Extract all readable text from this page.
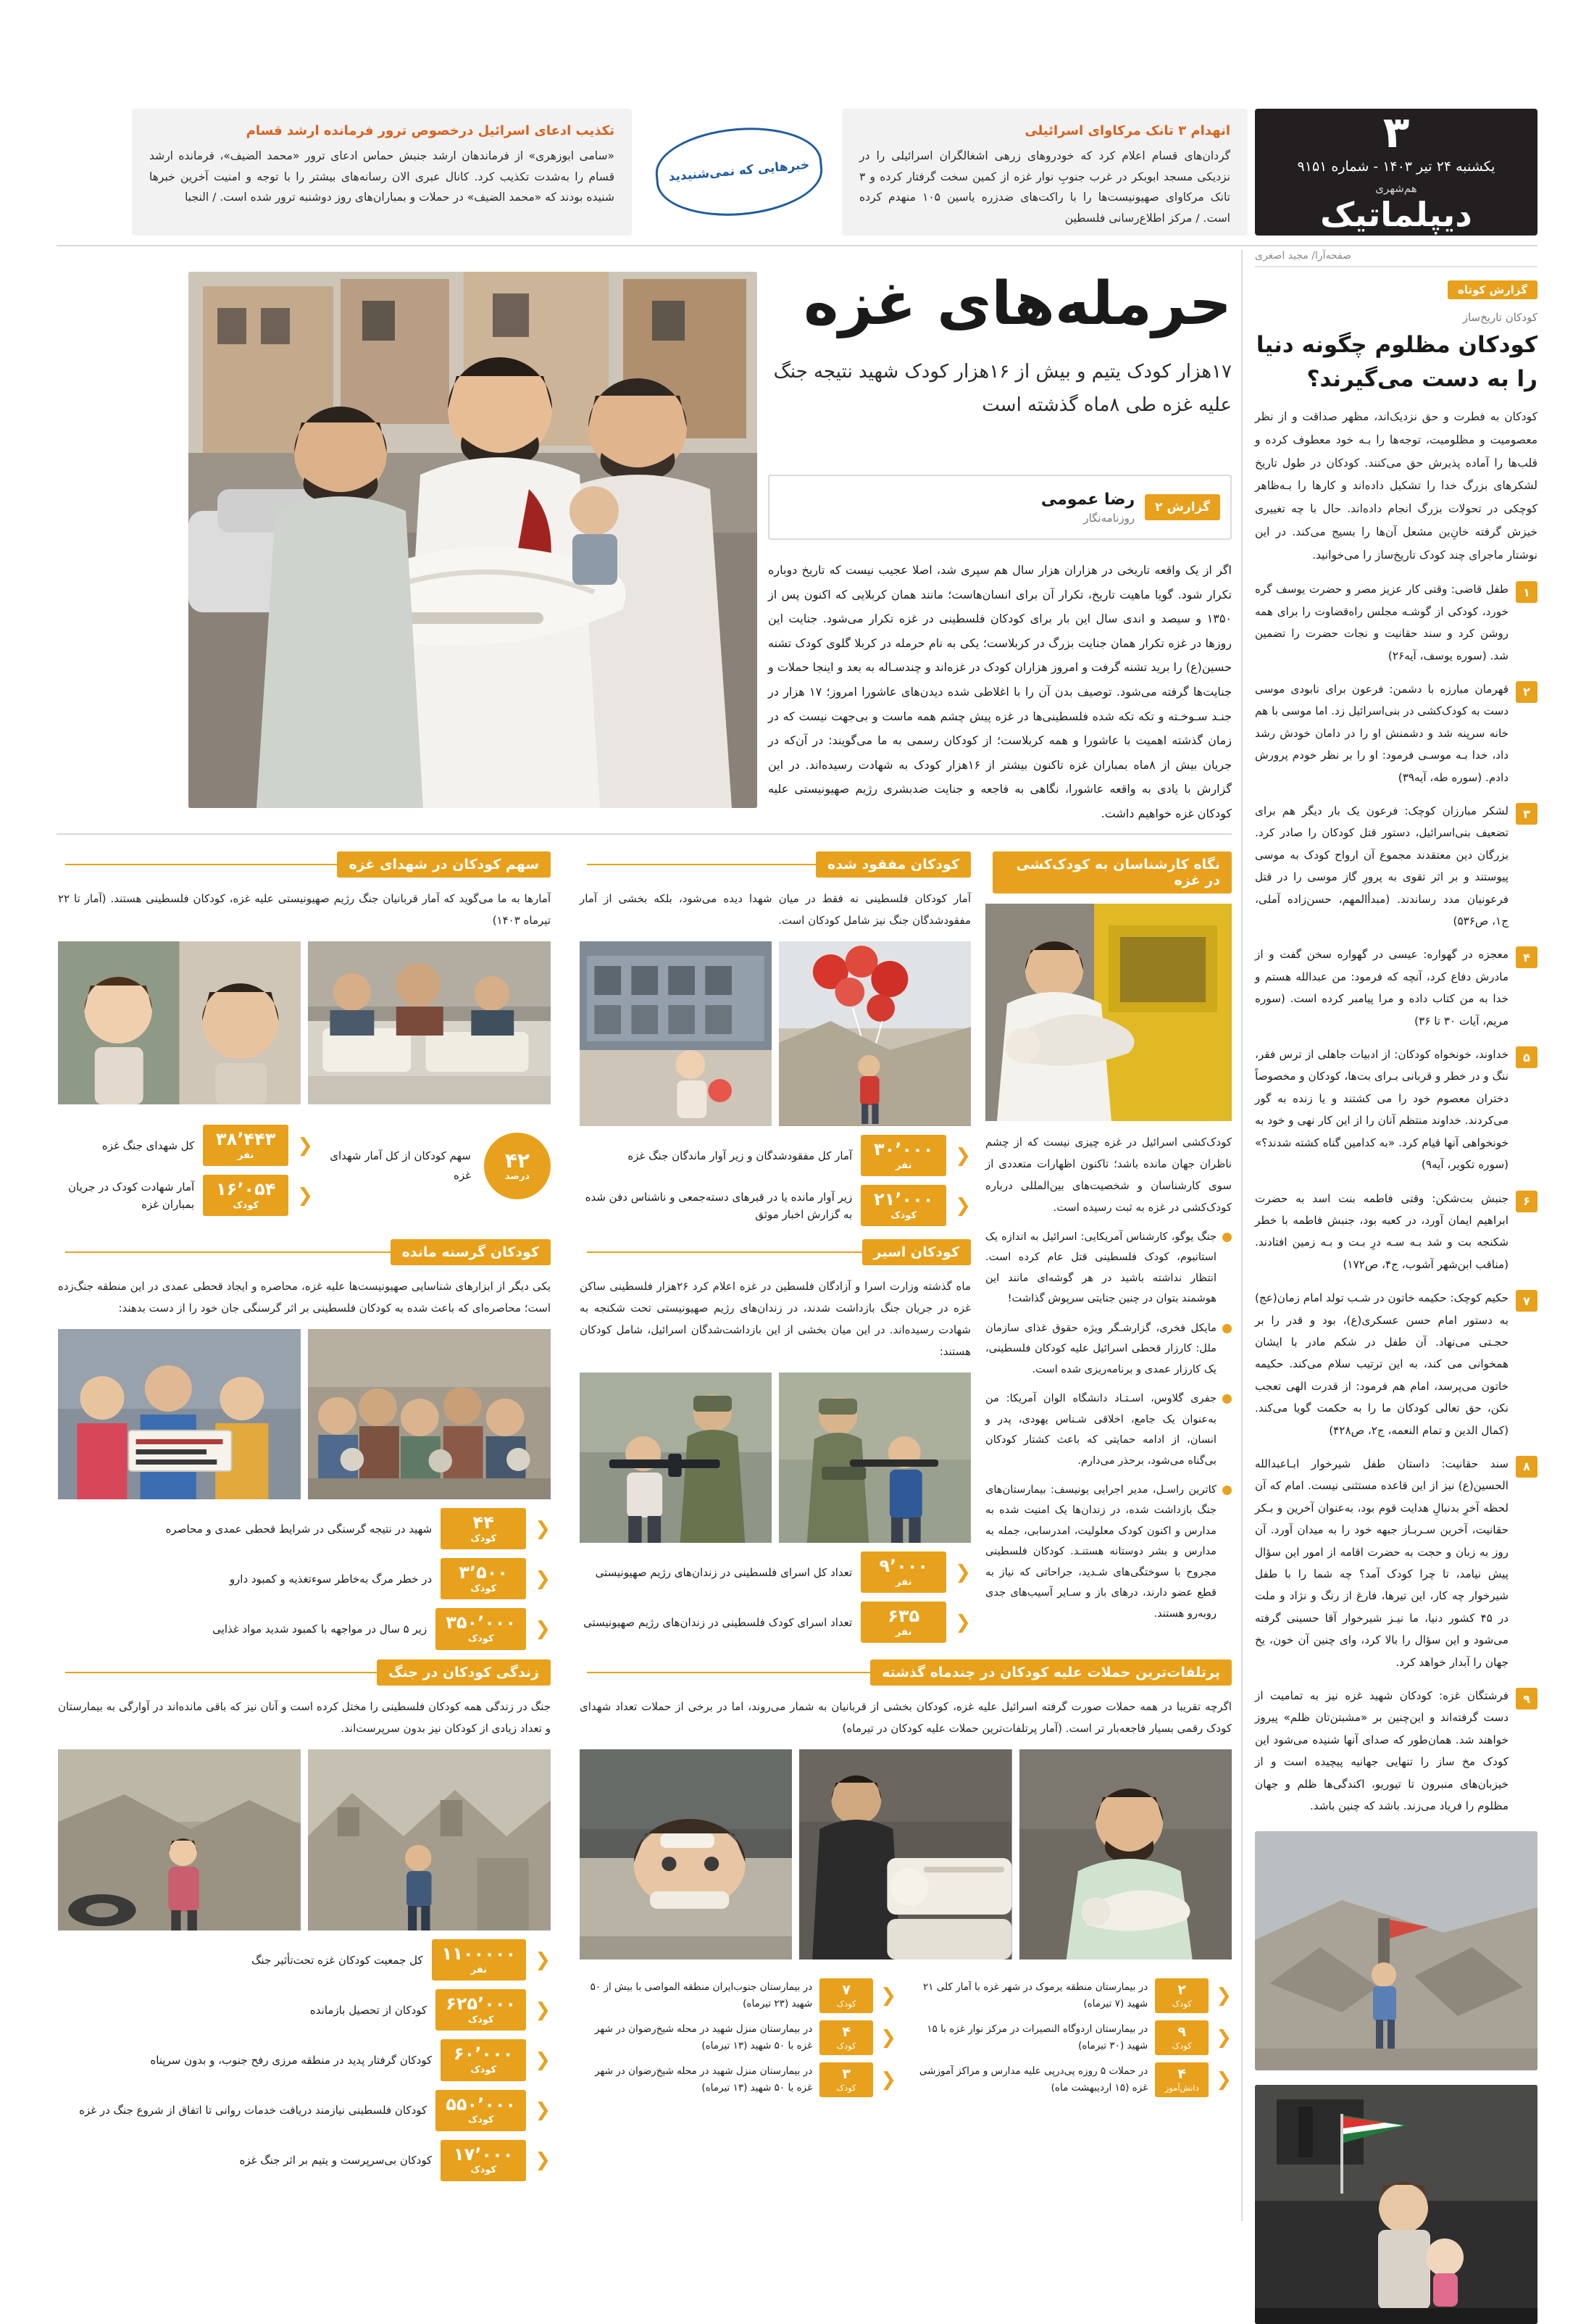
۳
یکشنبه ۲۴ تیر ۱۴۰۳ - شماره ۹۱۵۱
هم‌شهری
دیپلماتیک
انهدام ۳ تانک مرکاوای اسرائیلی
گردان‌های قسام اعلام کرد که خودروهای زرهی اشغالگران اسرائیلی را در نزدیکی مسجد ابوبکر در غرب جنوبِ نوار غزه از کمین سخت گرفتار کرده و ۳ تانک مرکاوای صهیونیست‌ها را با راکت‌های ضدزره یاسین ۱۰۵ منهدم کرده است. / مرکز اطلاع‌رسانی فلسطین
خبرهایی که نمی‌شنیدید
تکذیب ادعای اسرائیل درخصوص ترور فرمانده ارشد قسام
«سامی ابوزهری» از فرماندهان ارشد جنبش حماس ادعای ترور «محمد الضیف»، فرمانده ارشد قسام را به‌شدت تکذیب کرد. کانال عبری الان رسانه‌های بیشتر را با توجه و امنیت آخرین خبرها شنیده بودند که «محمد الضیف» در حملات و بمباران‌های روز دوشنبه ترور شده است. / النجبا
صفحه‌آرا/ مجید اصغری
گزارش کوتاه
کودکان تاریخ‌ساز
کودکان مظلوم چگونه دنیا را به دست می‌گیرند؟
کودکان به فطرت و حق نزدیک‌اند، مظهر صداقت و از نظر معصومیت و مظلومیت، توجه‌ها را بـه خود معطوف کرده و قلب‌ها را آماده پذیرش حق می‌کنند. کودکان در طول تاریخ لشکرهای بزرگ خدا را تشکیل داده‌اند و کارها را بـه‌ظاهر کوچکی در تحولات بزرگ انجام داده‌اند. حال با چه تغییری خیزش گرفته خانِ‌ین مشعل آن‌ها را بسیج می‌کند. در این نوشتار ماجرای چند کودک تاریخ‌ساز را می‌خوانید.
۱
طفل قاضی: وقتی کار عزیز مصر و حضرت یوسف گره خورد، کودکی از گوشـه مجلس راه‌قضاوت را برای همه‌ روشن کرد و سند حقانیت و نجات حضرت را تضمین شد. (سوره یوسف، آیه۲۶)
۲
قهرمان مبارزه با دشمن: فرعون برای نابودی موسی دست به کودک‌کشی در بنی‌اسرائیل زد. اما موسی با هم خانه سرپنه شد و دشمنش او را در دامان خودش رشد داد، خدا بـه موسـی فرمود: او را بر نظر خودم پرورش دادم. (سوره طه، آیه۳۹)
۳
لشکر مبارزان کوچک: فرعون یک بار دیگر هم برای تضعیف بنی‌اسرائیل، دستور قتل کودکان را صادر کرد. بزرگان دین معتقدند مجموع آن ارواح کودک به موسی پیوستند و بر اثر تقوی به پرورِ گاز موسی را در قتل فرعونیان مدد رساندند. (مبدأالمهم، حسن‌زاده آملی، ج۱، ص۵۳۶)
۴
معجزه در گهواره: عیسی در گهواره سخن گفت و از مادرش دفاع کرد، آنچه که فرمود: من عبدالله هستم و خدا به من کتاب داده و مرا پیامبر کرده است. (سوره مریم، آیات ۳۰ تا ۳۶)
۵
خداوند، خونخواه کودکان: از ادبیات جاهلی از ترس فقر، ننگ و در خطر و قربانی بـرای بت‌ها، کودکان و مخصوصاً دختران معصوم خود را می کشتند و یا زنده به گور می‌کردند. خداوند منتظم آنان را از این کار نهی و خود به خونخواهی آنها قیام کرد. «به کدامین گناه کشته شدند؟» (سوره تکویر، آیه۹)
۶
جنبش بت‌شکن: وقتی فاطمه بنت اسد به حضرت ابراهیم ایمان آورد، در کعبه بود، جنبش فاطمه با خطر شکنجه بت و شد بـه سـه‌ درِ بـت و بـه زمین افتادند. (مناقب ابن‌شهر آشوب، ج۴، ص۱۷۲)
۷
حکیم کوچک: حکیمه خاتون در شـب تولد امام زمان(عج) به دستور امام حسن عسکری(ع)، بود و قدر را بر حجـتی می‌نهاد. آن طفل در شکم مادر با ایشان همخوانی می کند، به این ترتیب سلام می‌کند. حکیمه خاتون می‌پرسد، امام هم فرمود: از قدرت الهی تعجب نکن، حق تعالی کودکان ما را به حکمت گویا می‌کند. (کمال الدین و تمام النعمه، ج۲، ص۴۲۸)
۸
سند حقانیت: داستان طفل شیرخوار ابـاعبدالله الحسین(ع) نیز از این قاعده مستثنی نیست. امام که آن لحظه آخرِ بدنبالِ هدایت قوم بود، به‌عنوان آخرین و بـکر حقانیت، آخرین سـربـاز جبهه خود را به میدان آورد. آن روز به زبان و حجت به حضرت اقامه از امور این سؤال پیش نیامد، تا چرا کودک آمد؟ چه شما را با طفل شیرخوار چه کار، این تیرها، فارغ از رنگ و نژاد و ملت در ۴۵ کشور دنیا، ما نیـز شیرخوار آقا حسینی گرفته می‌شود و این سؤال را بالا کرد، وای چنین آن خون، یخ جهان را آبدار خواهد کرد.
۹
فرشتگان غزه: کودکان شهید غزه نیز به تمامیت از دست گرفته‌اند و این‌چنین بر «مشبتن‌تان ظلم» پیروز خواهند شد. همان‌طور که صدای آنها شنیده می‌شود این کودک مخ ساز را تنهایی جهانیه پیچیده است و از خیزبان‌های منبرون تا تیوریو، اکندگی‌ها ظلم و جهان مظلوم را فریاد می‌زند. باشد که چنین باشد.
حرمله‌های غزه
۱۷هزار کودک یتیم و بیش از ۱۶هزار کودک شهید نتیجه جنگ علیه غزه طی ۸ماه گذشته است
گزارش ۲
رضا عمومی
روزنامه‌نگار
اگر از یک واقعه تاریخی در هزاران هزار سال هم سپری شد، اصلا عجیب نیست که تاریخ دوباره تکرار شود. گویا ماهیت تاریخ، تکرار آن برای انسان‌هاست؛ مانند همان کربلایی که اکنون پس از ۱۳۵۰ و سیصد و اندی سال این بار برای کودکان فلسطینی در غزه تکرار می‌شود. جنایت این روزها در غزه تکرار همان جنایت بزرگ در کربلاست؛ یکی به نام حرمله در کربلا گلوی کودک تشنه حسین(ع) را برید تشنه گرفت و امروز هزاران کودک در غزه‌اند و چندسـاله به بعد و اینجا حملات و جنایت‌ها گرفته می‌شود. توصیف بدن آن را با اغلاطی شده دیدن‌های عاشورا امروز؛ ۱۷ هزار در جنـد سـوخـته و تکه تکه شده فلسطینی‌ها در غزه پیش چشم همه ماست و بی‌جهت نیست که در زمان گذشته اهمیت با عاشورا و همه کربلاست؛ از کودکان رسمی به ما می‌گویند: در آن‌که در جریان بیش از ۸ماه بمباران غزه تاکنون بیشتر از ۱۶هزار کودک به شهادت رسیده‌اند. در این گزارش با یادی به واقعه عاشورا، نگاهی به فاجعه و جنایت ضدبشری رژیم صهیونیستی علیه کودکان غزه خواهیم داشت.
سهم کودکان در شهدای غزه
آمارها به ما می‌گوید که آمار قربانیان جنگ رژیم صهیونیستی علیه غزه، کودکان فلسطینی هستند. (آمار تا ۲۲ تیرماه ۱۴۰۳)
۴۲
درصد
سهم کودکان از کل آمار شهدای غزه
❮
۳۸٬۴۴۳
نفر
کل شهدای جنگ غزه
❮
۱۶٬۰۵۴
کودک
آمار شهادت کودک در جریان بمباران غزه
کودکان مفقود شده
آمار کودکان فلسطینی نه فقط در میان شهدا دیده می‌شود، بلکه بخشی از آمار مفقودشدگان جنگ نیز شامل کودکان است.
❮
۳۰٬۰۰۰
نفر
آمار کل مفقودشدگان و زیر آوار ماندگان جنگ غزه
❮
۲۱٬۰۰۰
کودک
زیر آوار مانده یا در قبرهای دسته‌جمعی و ناشناس دفن شده به گزارش اخبار موثق
نگاه کارشناسان به کودک‌کشی در غزه
کودک‌کشی اسرائیل در غزه چیزی نیست که از چشم ناظران جهان مانده باشد؛ تاکنون اظهارات متعددی از سوی کارشناسان و شخصیت‌های بین‌المللی درباره کودک‌کشی در غزه به ثبت رسیده است.
جنگ یوگو، کارشناس آمریکایی: اسرائیل به اندازه یک استانبوم، کودک فلسطینی قتل عام کرده است. انتظار نداشته باشید در هر گوشه‌ای مانند این هوشمند بتوان در چنین جنایتی سرپوش گذاشت!
مایکل فخری، گزارشـگر ویژه حقوق غذای سازمان ملل: کارزار قحطی اسرائیل علیه کودکان فلسطینی، یک کارزار عمدی و برنامه‌ریزی شده است.
جفری گلاوس، اسـتـاد دانشگاه الوان آمریکا: من به‌عنوان یک جامع، اخلاقی شـناس یهودی، پدر و انسان، از ادامه حمایتی که باعث کشتار کودکان بی‌گناه می‌شود، برحذر می‌دارم.
کاترین راسـل، مدیر اجرایی یونیسف: بیمارستان‌های جنگ بازداشت شده، در زندان‌ها یک امنیت شده به مدارس و اکنون کودک معلولیت، امدرسابی، جمله به مدارس و بشر دوستانه هستنـد. کودکان فلسطینی مجروح با سوختگی‌های شـدید، جراحاتی که نیاز به قطع عضو دارند، درهای باز و سـایر آسیب‌های جدی روبه‌رو هستند.
کودکان گرسنه مانده
یکی دیگر از ابزارهای شناسایی صهیونیست‌ها علیه غزه، محاصره و ایجاد قحطی عمدی در این منطقه جنگ‌زده است؛ محاصره‌ای که باعث شده به کودکان فلسطینی بر اثر گرسنگی جان خود را از دست بدهند:
❮
۴۴
کودک
شهید در نتیجه گرسنگی در شرایط قحطی عمدی و محاصره
❮
۳٬۵۰۰
کودک
در خطر مرگ به‌خاطر سوءتغذیه و کمبود دارو
❮
۳۵۰٬۰۰۰
کودک
زیر ۵ سال در مواجهه با کمبود شدید مواد غذایی
کودکان اسیر
ماه گذشته وزارت اسرا و آزادگان فلسطین در غزه اعلام کرد ۲۶هزار فلسطینی ساکن غزه در جریان جنگ بازداشت شدند، در زندان‌های رژیم صهیونیستی تحت شکنجه به شهادت رسیده‌اند. در این میان بخشی از این بازداشت‌شدگان اسرائیل، شامل کودکان هستند:
❮
۹٬۰۰۰
نفر
تعداد کل اسرای فلسطینی در زندان‌های رژیم صهیونیستی
❮
۶۳۵
نفر
تعداد اسرای کودک فلسطینی در زندان‌های رژیم صهیونیستی
زندگی کودکان در جنگ
جنگ در زندگی همه کودکان فلسطینی را مختل کرده است و آنان نیز که باقی مانده‌اند در آوارگی به بیمارستان و تعداد زیادی از کودکان نیز بدون سرپرست‌اند.
❮
۱۱۰۰۰۰۰
نفر
کل جمعیت کودکان غزه تحت‌تأثیر جنگ
❮
۶۲۵٬۰۰۰
کودک
کودکان از تحصیل بازمانده
❮
۶۰٬۰۰۰
کودک
کودکان گرفتار پدید در منطقه مرزی رفح جنوب، و بدون سرپناه
❮
۵۵۰٬۰۰۰
کودک
کودکان فلسطینی نیازمند دریافت خدمات روانی تا اتفاق از شروع جنگ در غزه
❮
۱۷٬۰۰۰
کودک
کودکان بی‌سرپرست و یتیم بر اثر جنگ غزه
پرتلفات‌ترین حملات علیه کودکان در چندماه گذشته
اگرچه تقریبا در همه حملات صورت گرفته اسرائیل علیه غزه، کودکان بخشی از قربانیان به شمار می‌روند، اما در برخی از حملات تعداد شهدای کودک رقمی بسیار فاجعه‌بار تر است. (آمار پرتلفات‌ترین حملات علیه کودکان در تیرماه)
❮
۲
کودک
در بیمارستان منطقه یرموک در شهر غزه با آمار کلی ۲۱ شهید (۷ تیرماه)
❮
۹
کودک
در بیمارستان اردوگاه النصیرات در مرکز نوار غزه با ۱۵ شهید (۳۰ تیرماه)
❮
۴
دانش‌آموز
در حملات ۵ روزه پی‌درپی علیه مدارس و مراکز آموزشی غزه (۱۵ اردیبهشت ماه)
❮
۷
کودک
در بیمارستان جنوب‌ایران منطقه المواصی با بیش از ۵۰ شهید (۲۳ تیرماه)
❮
۴
کودک
در بیمارستان منزل شهید در محله شیخ‌رضوان در شهر غزه با ۵۰ شهید (۱۳ تیرماه)
❮
۳
کودک
در بیمارستان منزل شهید در محله شیخ‌رضوان در شهر غزه با ۵۰ شهید (۱۳ تیرماه)
